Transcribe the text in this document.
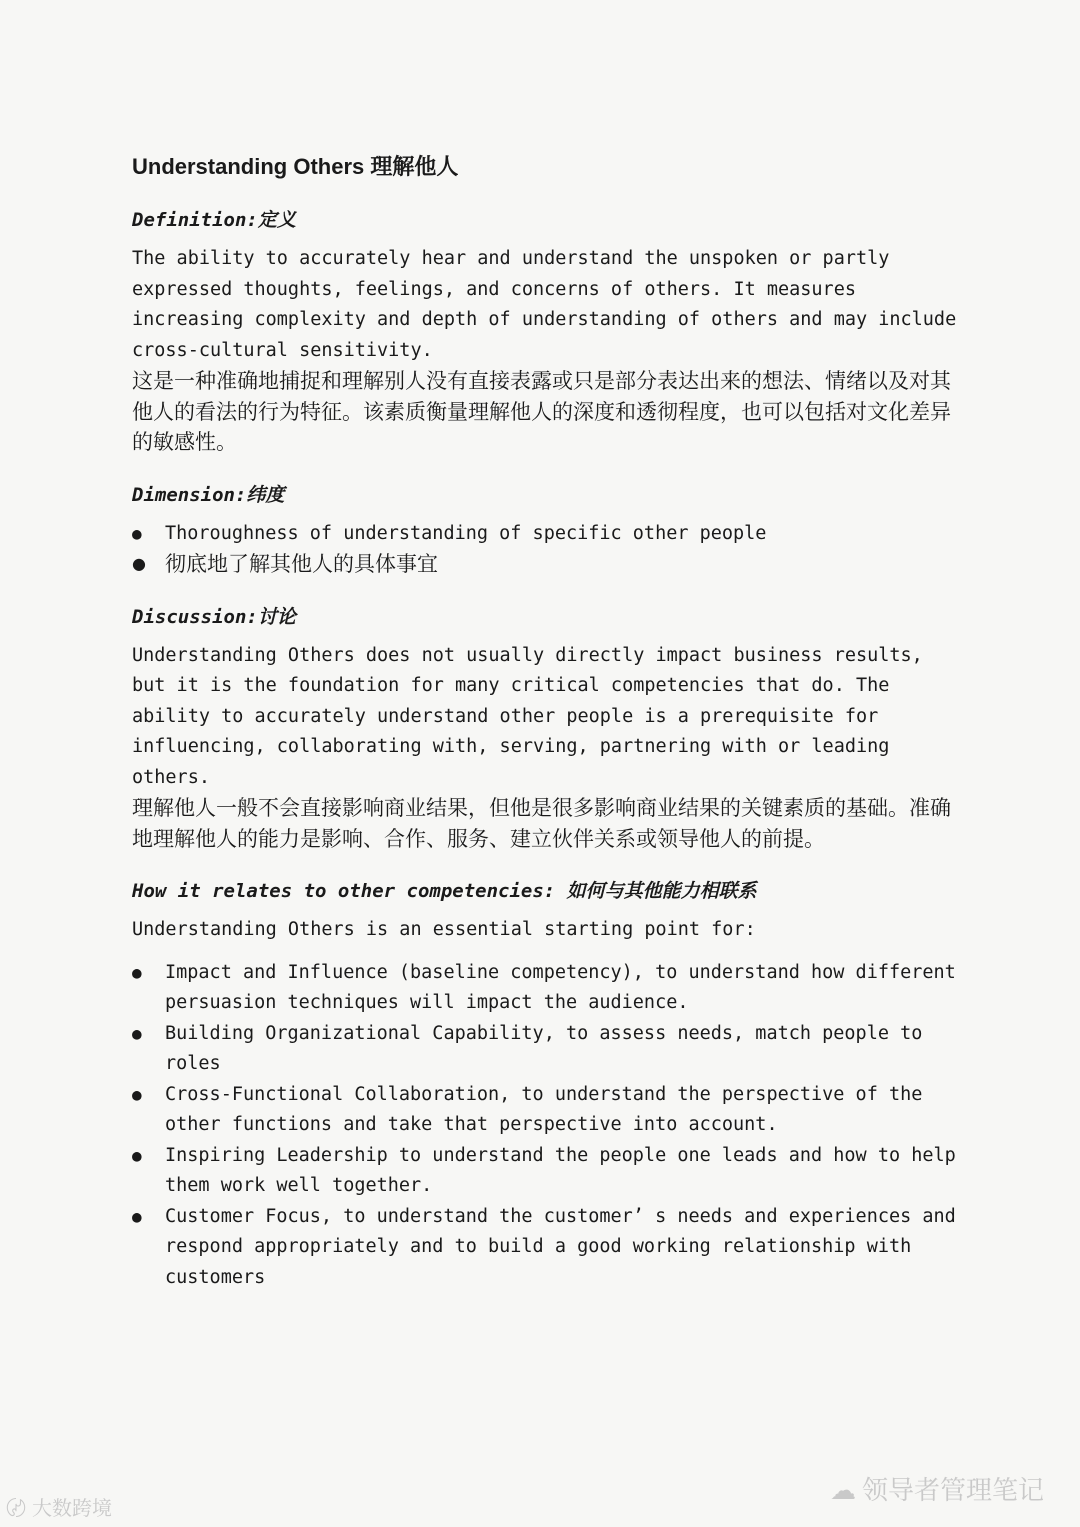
Understanding Others 理解他人
Definition:定义

The ability to accurately hear and understand the unspoken or partly expressed thoughts, feelings, and concerns of others. It measures increasing complexity and depth of understanding of others and may include cross-cultural sensitivity.

这是一种准确地捕捉和理解别人没有直接表露或只是部分表达出来的想法、情绪以及对其他人的看法的行为特征。该素质衡量理解他人的深度和透彻程度，也可以包括对文化差异的敏感性。

Dimension:纬度
● Thoroughness of understanding of specific other people
● 彻底地了解其他人的具体事宜
Discussion:讨论

Understanding Others does not usually directly impact business results, but it is the foundation for many critical competencies that do. The ability to accurately understand other people is a prerequisite for influencing, collaborating with, serving, partnering with or leading others.

理解他人一般不会直接影响商业结果，但他是很多影响商业结果的关键素质的基础。准确地理解他人的能力是影响、合作、服务、建立伙伴关系或领导他人的前提。

How it relates to other competencies: 如何与其他能力相联系

Understanding Others is an essential starting point for:

● Impact and Influence (baseline competency), to understand how different persuasion techniques will impact the audience.
● Building Organizational Capability, to assess needs, match people to roles
● Cross-Functional Collaboration, to understand the perspective of the other functions and take that perspective into account.
● Inspiring Leadership to understand the people one leads and how to help them work well together.
● Customer Focus, to understand the customer’ s needs and experiences and respond appropriately and to build a good working relationship with customers
〄 大数跨境
☁ 领导者管理笔记
